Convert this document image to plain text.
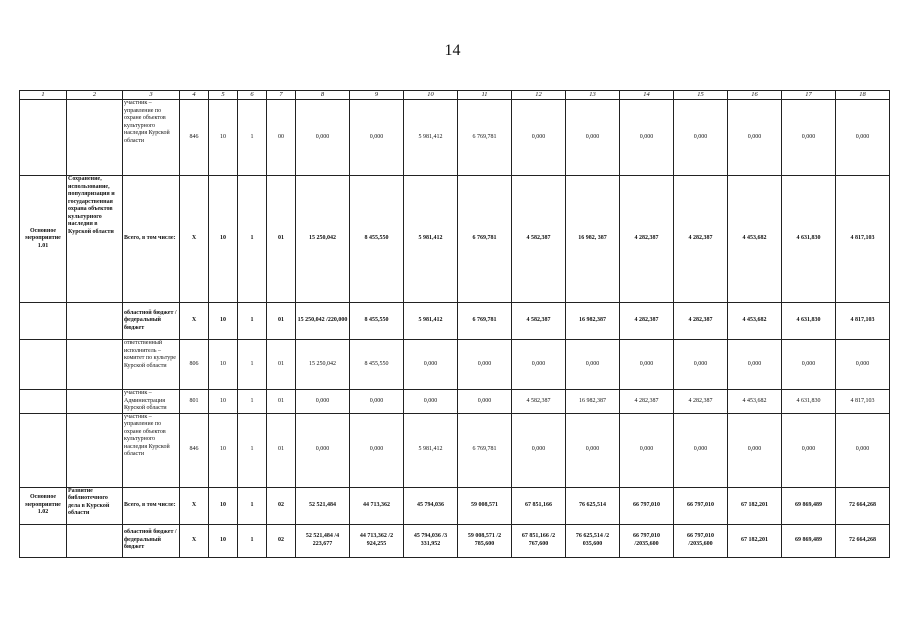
14
1	2	3	4	5	6	7	8	9	10	11	12	13	14	15	16	17	18
		участник – управление по охране объектов культурного наследия Курской области	846	10	1	00	0,000	0,000	5 981,412	6 769,781	0,000	0,000	0,000	0,000	0,000	0,000	0,000
Основное мероприятие 1.01	Сохранение, использование, популяризация и государственная охрана объектов культурного наследия в Курской области	Всего, в том числе:	Х	10	1	01	15 250,042	8 455,550	5 981,412	6 769,781	4 582,387	16 982, 387	4 282,387	4 282,387	4 453,682	4 631,830	4 817,103
		областной бюджет /федеральный бюджет	Х	10	1	01	15 250,042 /220,000	8 455,550	5 981,412	6 769,781	4 582,387	16 982,387	4 282,387	4 282,387	4 453,682	4 631,830	4 817,103
		ответственный исполнитель – комитет по культуре Курской области	806	10	1	01	15 250,042	8 455,550	0,000	0,000	0,000	0,000	0,000	0,000	0,000	0,000	0,000
		участник – Администрация Курской области	801	10	1	01	0,000	0,000	0,000	0,000	4 582,387	16 982,387	4 282,387	4 282,387	4 453,682	4 631,830	4 817,103
		участник – управление по охране объектов культурного наследия Курской области	846	10	1	01	0,000	0,000	5 981,412	6 769,781	0,000	0,000	0,000	0,000	0,000	0,000	0,000
Основное мероприятие 1.02	Развитие библиотечного дела в Курской области	Всего, в том числе:	Х	10	1	02	52 521,484	44 713,362	45 794,036	59 008,571	67 851,166	76 625,514	66 797,010	66 797,010	67 182,201	69 869,489	72 664,268
		областной бюджет /федеральный бюджет	Х	10	1	02	52 521,484 /4 223,677	44 713,362 /2 924,255	45 794,036 /3 331,952	59 008,571 /2 785,600	67 851,166 /2 767,600	76 625,514 /2 035,600	66 797,010 /2035,600	66 797,010 /2035,600	67 182,201	69 869,489	72 664,268
